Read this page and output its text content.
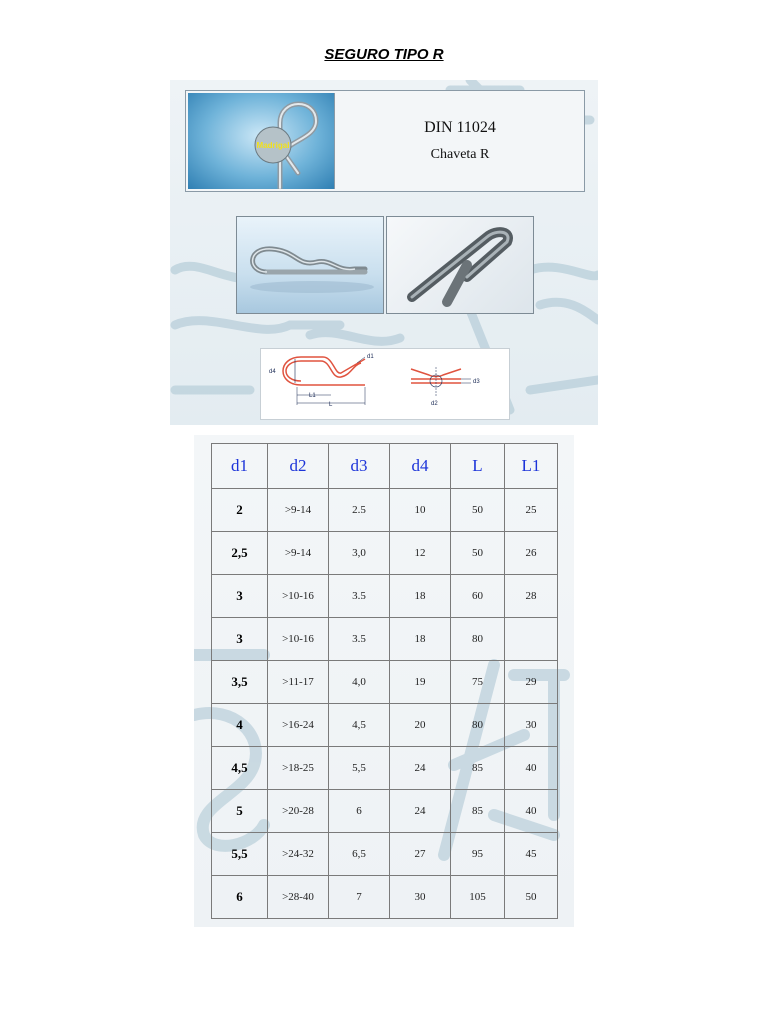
SEGURO TIPO R
Madrigal
DIN 11024
Chaveta R
d1
d4
L1
L
d3
d2
d1	d2	d3	d4	L	L1
2	>9-14	2.5	10	50	25
2,5	>9-14	3,0	12	50	26
3	>10-16	3.5	18	60	28
3	>10-16	3.5	18	80	
3,5	>11-17	4,0	19	75	29
4	>16-24	4,5	20	80	30
4,5	>18-25	5,5	24	85	40
5	>20-28	6	24	85	40
5,5	>24-32	6,5	27	95	45
6	>28-40	7	30	105	50
